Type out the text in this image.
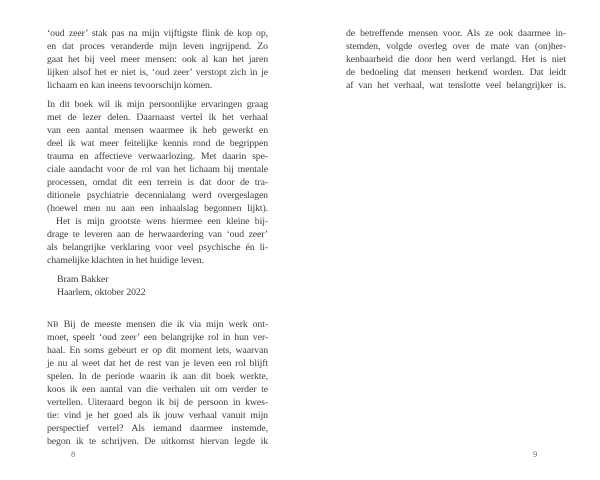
‘oud zeer’ stak pas na mijn vijftigste flink de kop op,
en dat proces veranderde mijn leven ingrijpend. Zo
gaat het bij veel meer mensen: ook al kan het jaren
lijken alsof het er niet is, ‘oud zeer’ verstopt zich in je
lichaam en kan ineens tevoorschijn komen.
In dit boek wil ik mijn persoonlijke ervaringen graag
met de lezer delen. Daarnaast vertel ik het verhaal
van een aantal mensen waarmee ik heb gewerkt en
deel ik wat meer feitelijke kennis rond de begrippen
trauma en affectieve verwaarlozing. Met daarin spe-
ciale aandacht voor de rol van het lichaam bij mentale
processen, omdat dit een terrein is dat door de tra-
ditionele psychiatrie decennialang werd overgeslagen
(hoewel men nu aan een inhaalslag begonnen lijkt).
Het is mijn grootste wens hiermee een kleine bij-
drage te leveren aan de herwaardering van ‘oud zeer’
als belangrijke verklaring voor veel psychische én li-
chamelijke klachten in het huidige leven.
Bram Bakker
Haarlem, oktober 2022
NB Bij de meeste mensen die ik via mijn werk ont-
moet, speelt ‘oud zeer’ een belangrijke rol in hun ver-
haal. En soms gebeurt er op dit moment iets, waarvan
je nu al weet dat het de rest van je leven een rol blijft
spelen. In de periode waarin ik aan dit boek werkte,
koos ik een aantal van die verhalen uit om verder te
vertellen. Uiteraard begon ik bij de persoon in kwes-
tie: vind je het goed als ik jouw verhaal vanuit mijn
perspectief vertel? Als iemand daarmee instemde,
begon ik te schrijven. De uitkomst hiervan legde ik
8
de betreffende mensen voor. Als ze ook daarmee in-
stemden, volgde overleg over de mate van (on)her-
kenbaarheid die door hen werd verlangd. Het is niet
de bedoeling dat mensen herkend worden. Dat leidt
af van het verhaal, wat tenslotte veel belangrijker is.
9
